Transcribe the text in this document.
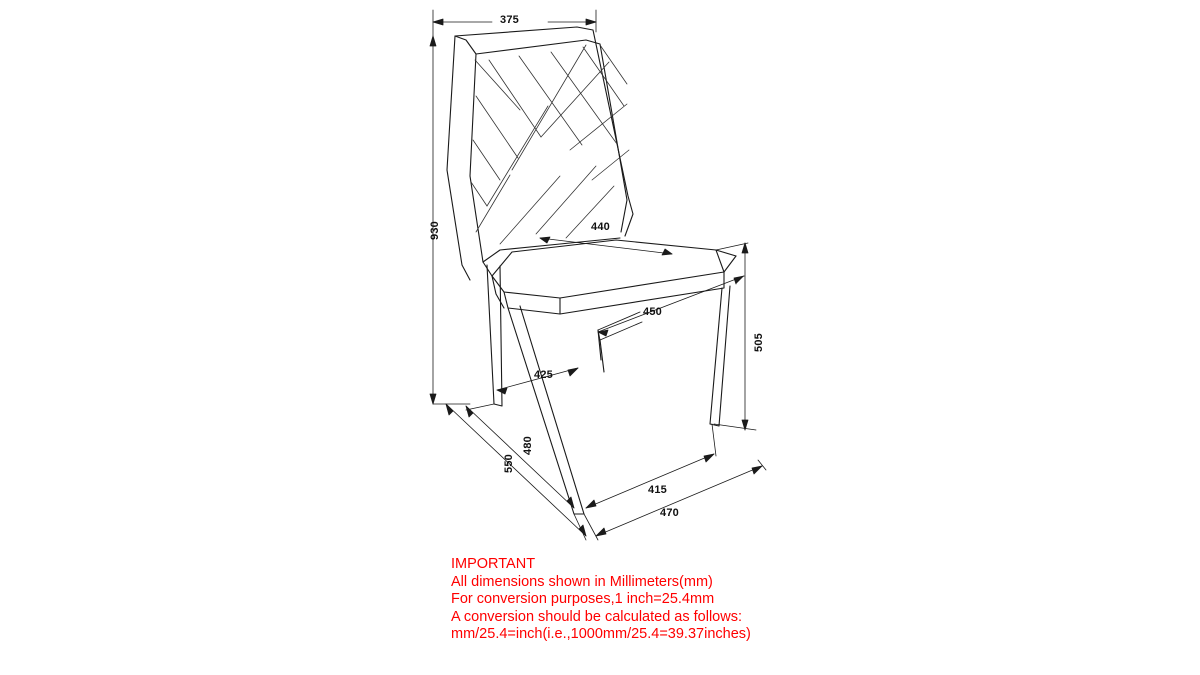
375
930	440
450
505
425
480
550
415
470
IMPORTANT
All dimensions shown in Millimeters(mm)
For conversion purposes,1 inch=25.4mm
A conversion should be calculated as follows:
mm/25.4=inch(i.e.,1000mm/25.4=39.37inches)
